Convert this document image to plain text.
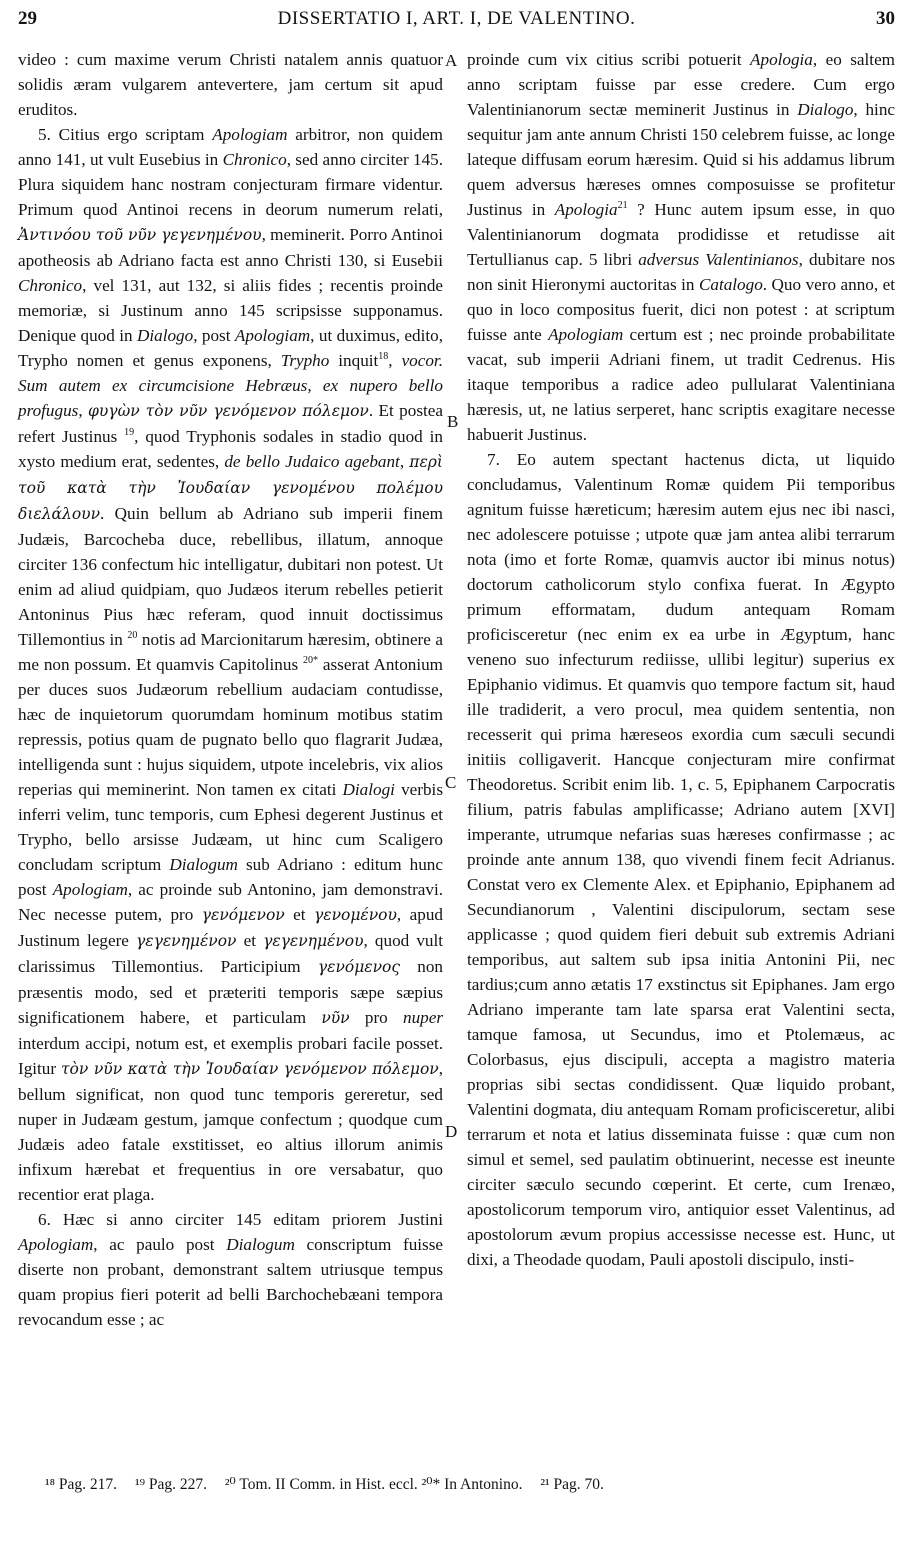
29	DISSERTATIO I, ART. I, DE VALENTINO.	30
A
B
C
D

video : cum maxime verum Christi natalem annis quatuor solidis æram vulgarem antevertere, jam certum sit apud eruditos.

5. Citius ergo scriptam Apologiam arbitror, non quidem anno 141, ut vult Eusebius in Chronico, sed anno circiter 145. Plura siquidem hanc nostram conjecturam firmare videntur. Primum quod Antinoi recens in deorum numerum relati, Ἀντινόου τοῦ νῦν γεγενημένου, meminerit. Porro Antinoi apotheosis ab Adriano facta est anno Christi 130, si Eusebii Chronico, vel 131, aut 132, si aliis fides ; recentis proinde memoriæ, si Justinum anno 145 scripsisse supponamus. Denique quod in Dialogo, post Apologiam, ut duximus, edito, Trypho nomen et genus exponens, Trypho inquit$^{18}$, vocor. Sum autem ex circumcisione Hebræus, ex nupero bello profugus, φυγὼν τὸν νῦν γενόμενον πόλεμον. Et postea refert Justinus $^{19}$, quod Tryphonis sodales in stadio quod in xysto medium erat, sedentes, de bello Judaico agebant, περὶ τοῦ κατὰ τὴν Ἰουδαίαν γενομένου πολέμου διελάλουν. Quin bellum ab Adriano sub imperii finem Judæis, Barcocheba duce, rebellibus, illatum, annoque circiter 136 confectum hic intelligatur, dubitari non potest. Ut enim ad aliud quidpiam, quo Judæos iterum rebelles petierit Antoninus Pius hæc referam, quod innuit doctissimus Tillemontius in $^{20}$ notis ad Marcionitarum hæresim, obtinere a me non possum. Et quamvis Capitolinus $^{20*}$ asserat Antonium per duces suos Judæorum rebellium audaciam contudisse, hæc de inquietorum quorumdam hominum motibus statim repressis, potius quam de pugnato bello quo flagrarit Judæa, intelligenda sunt : hujus siquidem, utpote incelebris, vix alios reperias qui meminerint. Non tamen ex citati Dialogi verbis inferri velim, tunc temporis, cum Ephesi degerent Justinus et Trypho, bello arsisse Judæam, ut hinc cum Scaligero concludam scriptum Dialogum sub Adriano : editum hunc post Apologiam, ac proinde sub Antonino, jam demonstravi. Nec necesse putem, pro γενόμενον et γενομένου, apud Justinum legere γεγενημένον et γεγενημένου, quod vult clarissimus Tillemontius. Participium γενόμενος non præsentis modo, sed et præteriti temporis sæpe sæpius significationem habere, et particulam νῦν pro nuper interdum accipi, notum est, et exemplis probari facile posset. Igitur τὸν νῦν κατὰ τὴν Ἰουδαίαν γενόμενον πόλεμον, bellum significat, non quod tunc temporis gereretur, sed nuper in Judæam gestum, jamque confectum ; quodque cum Judæis adeo fatale exstitisset, eo altius illorum animis infixum hærebat et frequentius in ore versabatur, quo recentior erat plaga.

6. Hæc si anno circiter 145 editam priorem Justini Apologiam, ac paulo post Dialogum conscriptum fuisse diserte non probant, demonstrant saltem utriusque tempus quam propius fieri poterit ad belli Barchochebæani tempora revocandum esse ; ac

proinde cum vix citius scribi potuerit Apologia, eo saltem anno scriptam fuisse par esse credere. Cum ergo Valentinianorum sectæ meminerit Justinus in Dialogo, hinc sequitur jam ante annum Christi 150 celebrem fuisse, ac longe lateque diffusam eorum hæresim. Quid si his addamus librum quem adversus hæreses omnes composuisse se profitetur Justinus in Apologia$^{21}$ ? Hunc autem ipsum esse, in quo Valentinianorum dogmata prodidisse et retudisse ait Tertullianus cap. 5 libri adversus Valentinianos, dubitare nos non sinit Hieronymi auctoritas in Catalogo. Quo vero anno, et quo in loco compositus fuerit, dici non potest : at scriptum fuisse ante Apologiam certum est ; nec proinde probabilitate vacat, sub imperii Adriani finem, ut tradit Cedrenus. His itaque temporibus a radice adeo pullularat Valentiniana hæresis, ut, ne latius serperet, hanc scriptis exagitare necesse habuerit Justinus.

7. Eo autem spectant hactenus dicta, ut liquido concludamus, Valentinum Romæ quidem Pii temporibus agnitum fuisse hæreticum; hæresim autem ejus nec ibi nasci, nec adolescere potuisse ; utpote quæ jam antea alibi terrarum nota (imo et forte Romæ, quamvis auctor ibi minus notus) doctorum catholicorum stylo confixa fuerat. In Ægypto primum efformatam, dudum antequam Romam proficisceretur (nec enim ex ea urbe in Ægyptum, hanc veneno suo infecturum rediisse, ullibi legitur) superius ex Epiphanio vidimus. Et quamvis quo tempore factum sit, haud ille tradiderit, a vero procul, mea quidem sententia, non recesserit qui prima hæreseos exordia cum sæculi secundi initiis colligaverit. Hancque conjecturam mire confirmat Theodoretus. Scribit enim lib. 1, c. 5, Epiphanem Carpocratis filium, patris fabulas amplificasse; Adriano autem [XVI] imperante, utrumque nefarias suas hæreses confirmasse ; ac proinde ante annum 138, quo vivendi finem fecit Adrianus. Constat vero ex Clemente Alex. et Epiphanio, Epiphanem ad Secundianorum , Valentini discipulorum, sectam sese applicasse ; quod quidem fieri debuit sub extremis Adriani temporibus, aut saltem sub ipsa initia Antonini Pii, nec tardius;cum anno ætatis 17 exstinctus sit Epiphanes. Jam ergo Adriano imperante tam late sparsa erat Valentini secta, tamque famosa, ut Secundus, imo et Ptolemæus, ac Colorbasus, ejus discipuli, accepta a magistro materia proprias sibi sectas condidissent. Quæ liquido probant, Valentini dogmata, diu antequam Romam proficisceretur, alibi terrarum et nota et latius disseminata fuisse : quæ cum non simul et semel, sed paulatim obtinuerint, necesse est ineunte circiter sæculo secundo cœperint. Et certe, cum Irenæo, apostolicorum temporum viro, antiquior esset Valentinus, ad apostolorum ævum propius accessisse necesse est. Hunc, ut dixi, a Theodade quodam, Pauli apostoli discipulo, insti-

¹⁸ Pag. 217. ¹⁹ Pag. 227. ²⁰ Tom. II Comm. in Hist. eccl. ²⁰* In Antonino. ²¹ Pag. 70.
